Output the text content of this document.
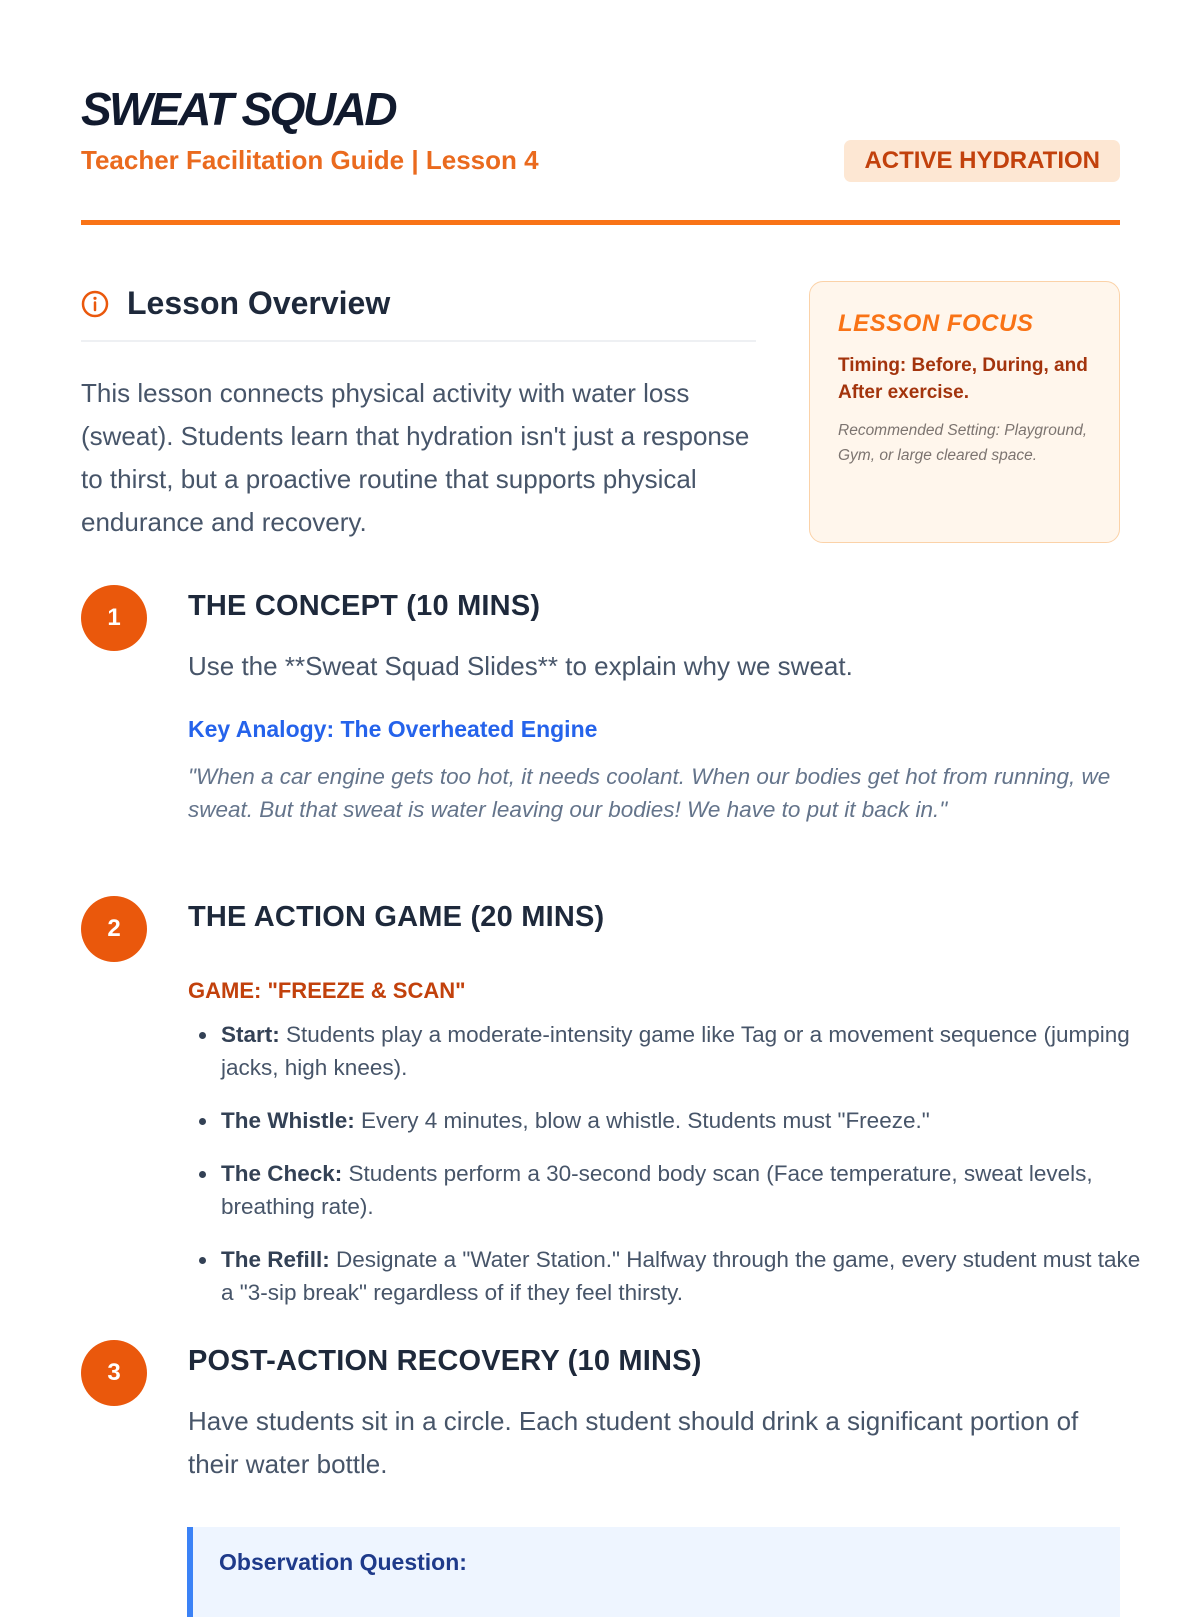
SWEAT SQUAD
Teacher Facilitation Guide | Lesson 4	ACTIVE HYDRATION
Lesson Overview
This lesson connects physical activity with water loss (sweat). Students learn that hydration isn't just a response to thirst, but a proactive routine that supports physical endurance and recovery.
LESSON FOCUS
Timing: Before, During, and After exercise.
Recommended Setting: Playground, Gym, or large cleared space.
1	THE CONCEPT (10 MINS)
Use the **Sweat Squad Slides** to explain why we sweat.
Key Analogy: The Overheated Engine
"When a car engine gets too hot, it needs coolant. When our bodies get hot from running, we sweat. But that sweat is water leaving our bodies! We have to put it back in."
2	THE ACTION GAME (20 MINS)
GAME: "FREEZE & SCAN"
Start: Students play a moderate-intensity game like Tag or a movement sequence (jumping jacks, high knees).
The Whistle: Every 4 minutes, blow a whistle. Students must "Freeze."
The Check: Students perform a 30-second body scan (Face temperature, sweat levels, breathing rate).
The Refill: Designate a "Water Station." Halfway through the game, every student must take a "3-sip break" regardless of if they feel thirsty.
3	POST-ACTION RECOVERY (10 MINS)
Have students sit in a circle. Each student should drink a significant portion of their water bottle.
Observation Question:
